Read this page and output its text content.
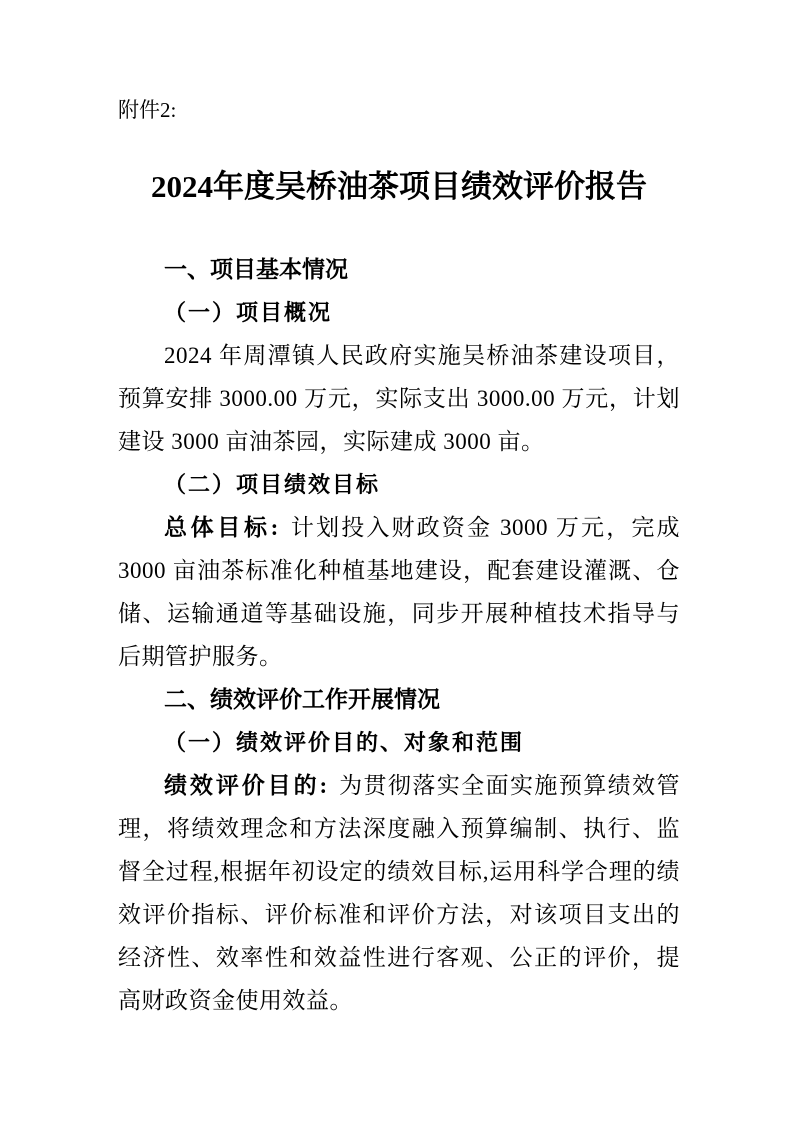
附件2:
2024年度吴桥油茶项目绩效评价报告
一、项目基本情况
（一）项目概况

2024 年周潭镇人民政府实施吴桥油茶建设项目，预算安排 3000.00 万元，实际支出 3000.00 万元，计划建设 3000 亩油茶园，实际建成 3000 亩。

（二）项目绩效目标

总体目标: 计划投入财政资金 3000 万元，完成 3000 亩油茶标准化种植基地建设，配套建设灌溉、仓储、运输通道等基础设施，同步开展种植技术指导与后期管护服务。

二、绩效评价工作开展情况
（一）绩效评价目的、对象和范围

绩效评价目的: 为贯彻落实全面实施预算绩效管理，将绩效理念和方法深度融入预算编制、执行、监督全过程,根据年初设定的绩效目标,运用科学合理的绩效评价指标、评价标准和评价方法，对该项目支出的经济性、效率性和效益性进行客观、公正的评价，提高财政资金使用效益。
